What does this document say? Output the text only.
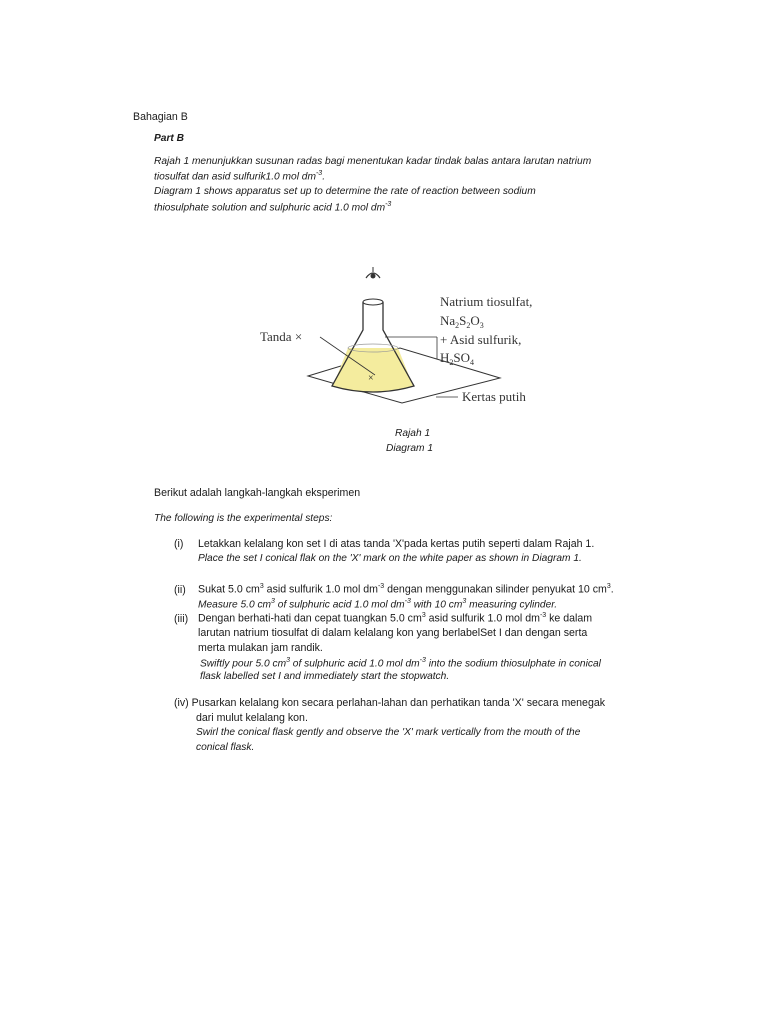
Bahagian B
Part B
Rajah 1 menunjukkan susunan radas bagi menentukan kadar tindak balas antara larutan natrium
tiosulfat dan asid sulfurik1.0 mol $dm^{-3}$.
Diagram 1 shows apparatus set up to determine the rate of reaction between sodium
thiosulphate solution and sulphuric acid 1.0 mol $dm^{-3}$
×
Tanda ×
Natrium tiosulfat,
$Na_2S_2O_3$
+ Asid sulfurik,
$H_2SO_4$
Kertas putih
Rajah 1
Diagram 1
Berikut adalah langkah-langkah eksperimen
The following is the experimental steps:
(i) Letakkan kelalang kon set I di atas tanda 'X'pada kertas putih seperti dalam Rajah 1.
Place the set I conical flak on the 'X' mark on the white paper as shown in Diagram 1.
(ii) Sukat 5.0 $cm^3$ asid sulfurik 1.0 mol $dm^{-3}$ dengan menggunakan silinder penyukat 10 $cm^3$.
Measure 5.0 $cm^3$ of sulphuric acid 1.0 mol $dm^{-3}$ with 10 $cm^3$ measuring cylinder.
(iii) Dengan berhati-hati dan cepat tuangkan 5.0 $cm^3$ asid sulfurik 1.0 mol $dm^{-3}$ ke dalam
larutan natrium tiosulfat di dalam kelalang kon yang berlabelSet I dan dengan serta
merta mulakan jam randik.
Swiftly pour 5.0 $cm^3$ of sulphuric acid 1.0 mol $dm^{-3}$ into the sodium thiosulphate in conical
flask labelled set I and immediately start the stopwatch.
(iv) Pusarkan kelalang kon secara perlahan-lahan dan perhatikan tanda 'X' secara menegak
dari mulut kelalang kon.
Swirl the conical flask gently and observe the 'X' mark vertically from the mouth of the
conical flask.
